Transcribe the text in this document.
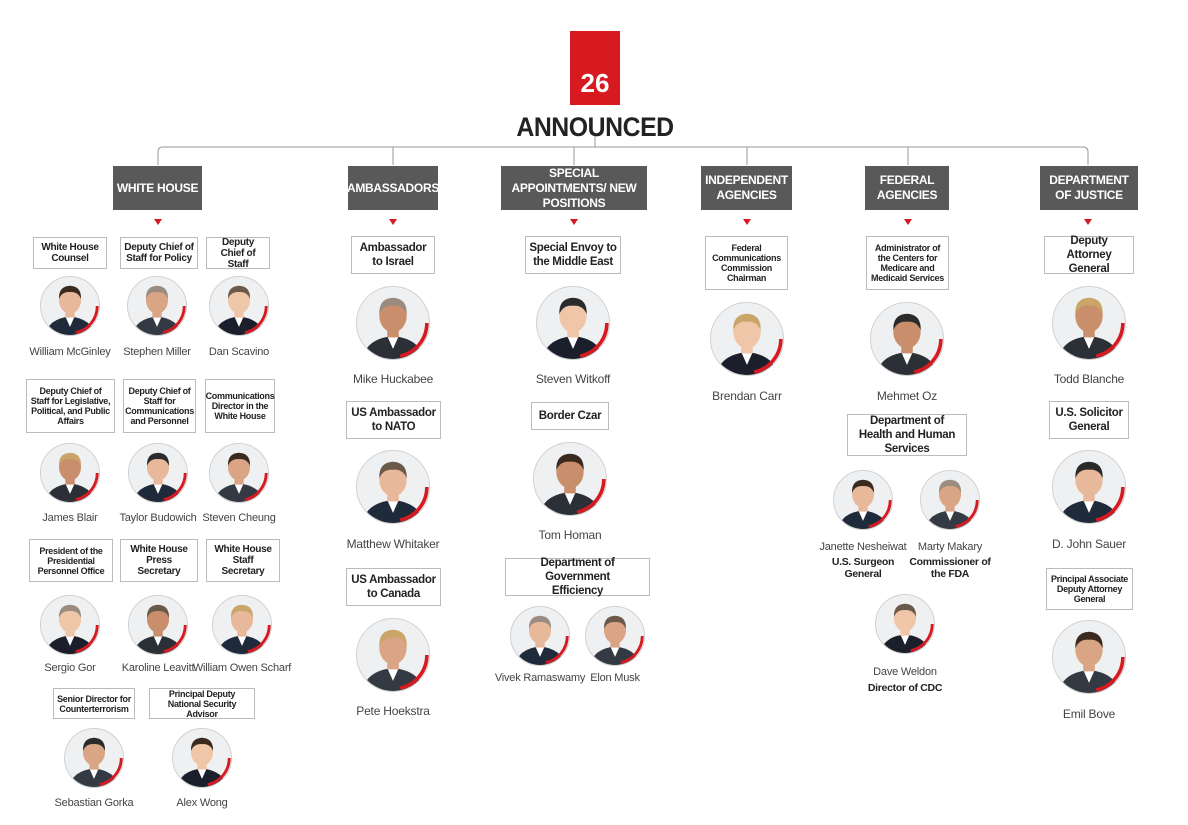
26
ANNOUNCED
WHITE HOUSE	AMBASSADORS
SPECIAL APPOINTMENTS/ NEW POSITIONS
INDEPENDENT AGENCIES
FEDERAL AGENCIES
DEPARTMENT OF JUSTICE
White House Counsel
Deputy Chief of Staff for Policy
Deputy Chief of Staff
William McGinley	Stephen Miller	Dan Scavino
Deputy Chief of Staff for Legislative, Political, and Public Affairs
Deputy Chief of Staff for Communications and Personnel
Communications Director in the White House
James Blair	Taylor Budowich Steven Cheung
President of the Presidential Personnel Office
White House Press Secretary
White House Staff Secretary
Sergio Gor	Karoline Leavitt
William Owen Scharf
Senior Director for Counterterrorism
Principal Deputy National Security Advisor
Sebastian Gorka	Alex Wong
Ambassador to Israel
Mike Huckabee
US Ambassador to NATO
Matthew Whitaker
US Ambassador to Canada
Pete Hoekstra
Special Envoy to the Middle East
Steven Witkoff
Border Czar
Tom Homan
Department of Government Efficiency
Vivek Ramaswamy Elon Musk
Federal Communications Commission Chairman
Brendan Carr
Administrator of the Centers for Medicare and Medicaid Services
Mehmet Oz
Department of Health and Human Services
Janette Nesheiwat	Marty Makary
U.S. Surgeon General
Commissioner of the FDA
Dave Weldon
Director of CDC
Deputy Attorney General
Todd Blanche
U.S. Solicitor General
D. John Sauer
Principal Associate Deputy Attorney General
Emil Bove
